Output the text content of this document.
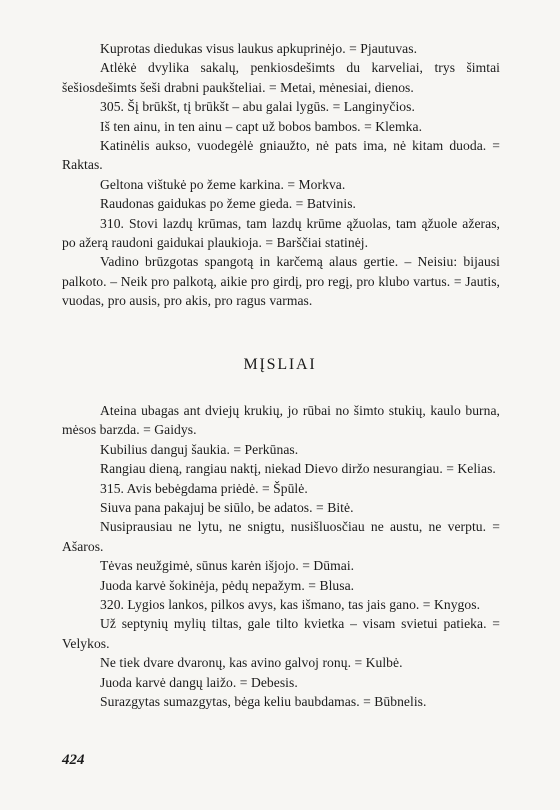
Kuprotas diedukas visus laukus apkuprinėjo. = Pjautuvas.

Atlėkė dvylika sakalų, penkiosdešimts du karveliai, trys šimtai šešiosdešimts šeši drabni paukšteliai. = Metai, mėnesiai, dienos.

305. Šį brūkšt, tį brūkšt – abu galai lygūs. = Langinyčios.

Iš ten ainu, in ten ainu – capt už bobos bambos. = Klemka.

Katinėlis aukso, vuodegėlė gniaužto, nė pats ima, nė kitam duoda. = Raktas.

Geltona vištukė po žeme karkina. = Morkva.

Raudonas gaidukas po žeme gieda. = Batvinis.

310. Stovi lazdų krūmas, tam lazdų krūme ąžuolas, tam ąžuole ažeras, po ažerą raudoni gaidukai plaukioja. = Barščiai statinėj.

Vadino brūzgotas spangotą in karčemą alaus gertie. – Neisiu: bijausi palkoto. – Neik pro palkotą, aikie pro girdį, pro regį, pro klubo vartus. = Jautis, vuodas, pro ausis, pro akis, pro ragus varmas.

MĮSLIAI

Ateina ubagas ant dviejų krukių, jo rūbai no šimto stukių, kaulo burna, mėsos barzda. = Gaidys.

Kubilius danguj šaukia. = Perkūnas.

Rangiau dieną, rangiau naktį, niekad Dievo diržo nesurangiau. = Kelias.

315. Avis bebėgdama priėdė. = Špūlė.

Siuva pana pakajuj be siūlo, be adatos. = Bitė.

Nusiprausiau ne lytu, ne snigtu, nusišluosčiau ne austu, ne verptu. = Ašaros.

Tėvas neužgimė, sūnus karėn išjojo. = Dūmai.

Juoda karvė šokinėja, pėdų nepažym. = Blusa.

320. Lygios lankos, pilkos avys, kas išmano, tas jais gano. = Knygos.

Už septynių mylių tiltas, gale tilto kvietka – visam svietui patieka. = Velykos.

Ne tiek dvare dvaronų, kas avino galvoj ronų. = Kulbė.

Juoda karvė dangų laižo. = Debesis.

Surazgytas sumazgytas, bėga keliu baubdamas. = Būbnelis.

424
